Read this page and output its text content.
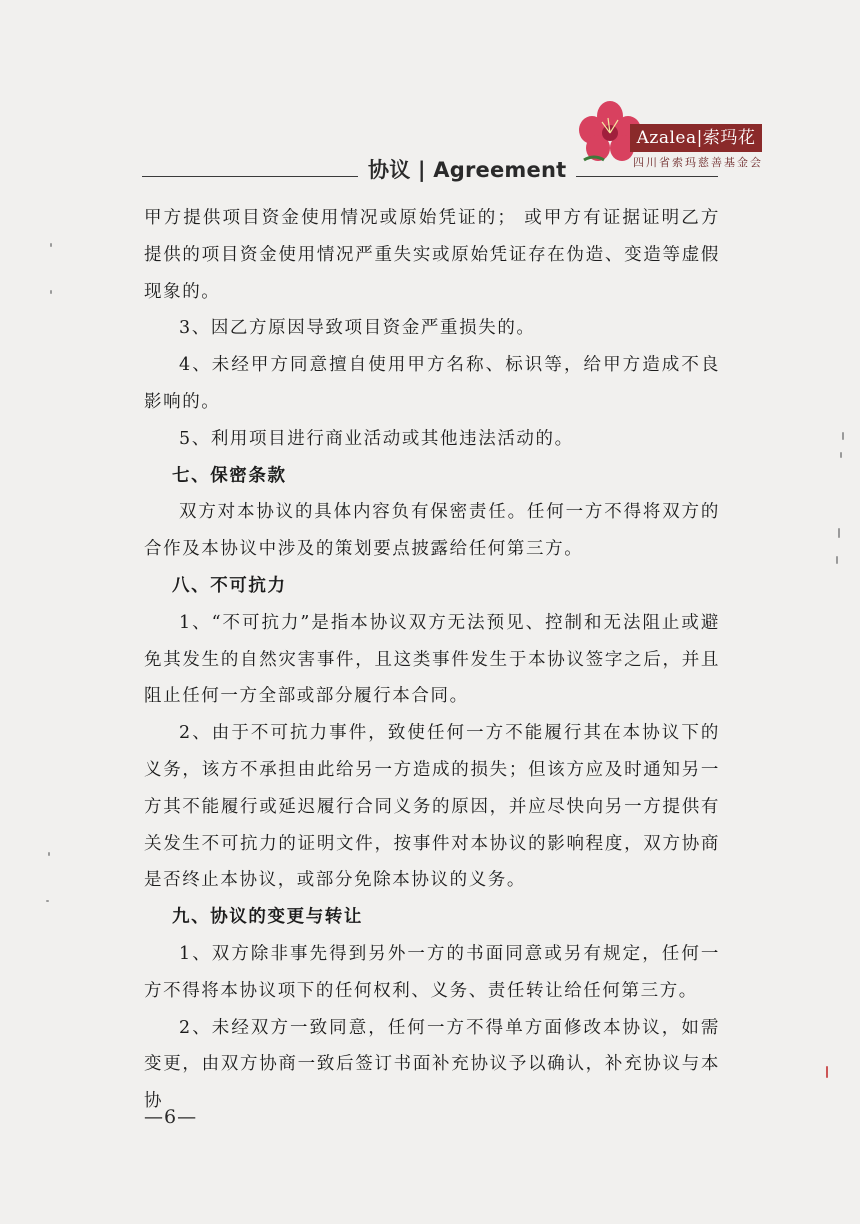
协议 | Agreement
Azalea|索玛花
四川省索玛慈善基金会

甲方提供项目资金使用情况或原始凭证的； 或甲方有证据证明乙方提供的项目资金使用情况严重失实或原始凭证存在伪造、变造等虚假现象的。

3、因乙方原因导致项目资金严重损失的。

4、未经甲方同意擅自使用甲方名称、标识等，给甲方造成不良影响的。

5、利用项目进行商业活动或其他违法活动的。

七、保密条款

双方对本协议的具体内容负有保密责任。任何一方不得将双方的合作及本协议中涉及的策划要点披露给任何第三方。

八、不可抗力

1、“不可抗力”是指本协议双方无法预见、控制和无法阻止或避免其发生的自然灾害事件，且这类事件发生于本协议签字之后，并且阻止任何一方全部或部分履行本合同。

2、由于不可抗力事件，致使任何一方不能履行其在本协议下的义务，该方不承担由此给另一方造成的损失；但该方应及时通知另一方其不能履行或延迟履行合同义务的原因，并应尽快向另一方提供有关发生不可抗力的证明文件，按事件对本协议的影响程度，双方协商是否终止本协议，或部分免除本协议的义务。

九、协议的变更与转让

1、双方除非事先得到另外一方的书面同意或另有规定，任何一方不得将本协议项下的任何权利、义务、责任转让给任何第三方。

2、未经双方一致同意，任何一方不得单方面修改本协议，如需变更，由双方协商一致后签订书面补充协议予以确认，补充协议与本协

—6—
